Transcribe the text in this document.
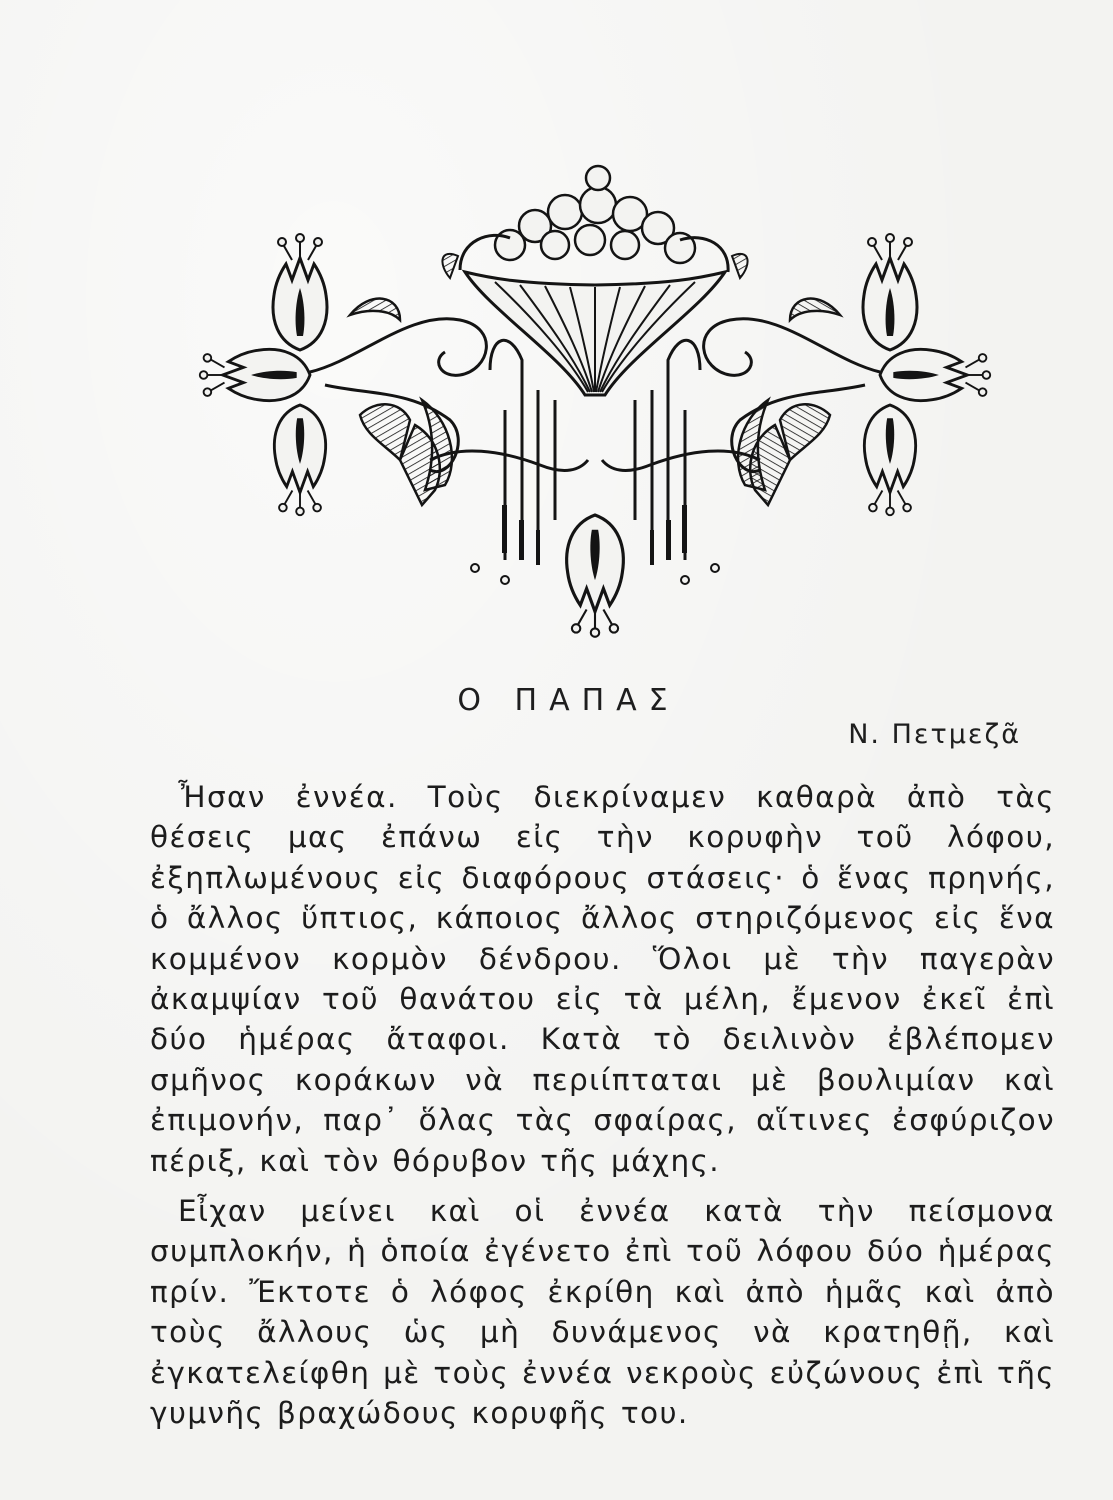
Ο ΠΑΠΑΣ
Ν. Πετμεζᾶ

Ἦσαν ἐννέα. Τοὺς διεκρίναμεν καθαρὰ ἀπὸ τὰς θέσεις μας ἐπάνω εἰς τὴν κορυφὴν τοῦ λόφου, ἐξηπλωμένους εἰς διαφόρους στάσεις· ὁ ἕνας πρηνής, ὁ ἄλλος ὕπτιος, κάποιος ἄλλος στηριζόμενος εἰς ἕνα κομμένον κορμὸν δένδρου. Ὅλοι μὲ τὴν παγερὰν ἀκαμψίαν τοῦ θανάτου εἰς τὰ μέλη, ἔμενον ἐκεῖ ἐπὶ δύο ἡμέρας ἄταφοι. Κατὰ τὸ δειλινὸν ἐβλέπομεν σμῆνος κοράκων νὰ περιίπταται μὲ βουλιμίαν καὶ ἐπιμονήν, παρ᾽ ὅλας τὰς σφαίρας, αἵτινες ἐσφύριζον πέριξ, καὶ τὸν θόρυβον τῆς μάχης.

Εἶχαν μείνει καὶ οἱ ἐννέα κατὰ τὴν πείσμονα συμπλοκήν, ἡ ὁποία ἐγένετο ἐπὶ τοῦ λόφου δύο ἡμέρας πρίν. Ἔκτοτε ὁ λόφος ἐκρίθη καὶ ἀπὸ ἡμᾶς καὶ ἀπὸ τοὺς ἄλλους ὡς μὴ δυνάμενος νὰ κρατηθῇ, καὶ ἐγκατελείφθη μὲ τοὺς ἐννέα νεκροὺς εὐζώνους ἐπὶ τῆς γυμνῆς βραχώδους κορυφῆς του.
